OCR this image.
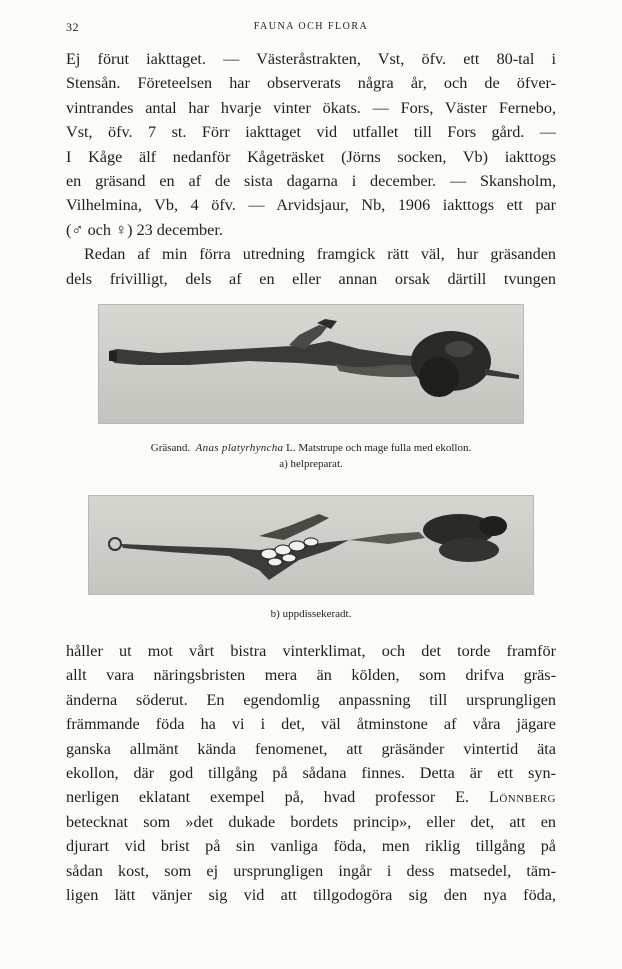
32	FAUNA OCH FLORA
Ej förut iakttaget. — Västeråstrakten, Vst, öfv. ett 80-tal i
Stensån. Företeelsen har observerats några år, och de öfver-
vintrandes antal har hvarje vinter ökats. — Fors, Väster Fernebo,
Vst, öfv. 7 st. Förr iakttaget vid utfallet till Fors gård. —
I Kåge älf nedanför Kågeträsket (Jörns socken, Vb) iakttogs
en gräsand en af de sista dagarna i december. — Skansholm,
Vilhelmina, Vb, 4 öfv. — Arvidsjaur, Nb, 1906 iakttogs ett par
(♂ och ♀) 23 december.
Redan af min förra utredning framgick rätt väl, hur gräsanden
dels frivilligt, dels af en eller annan orsak därtill tvungen
Gräsand. Anas platyrhyncha L. Matstrupe och mage fulla med ekollon.
a) helpreparat.
b) uppdissekeradt.
håller ut mot vårt bistra vinterklimat, och det torde framför
allt vara näringsbristen mera än kölden, som drifva gräs-
änderna söderut. En egendomlig anpassning till ursprungligen
främmande föda ha vi i det, väl åtminstone af våra jägare
ganska allmänt kända fenomenet, att gräsänder vintertid äta
ekollon, där god tillgång på sådana finnes. Detta är ett syn-
nerligen eklatant exempel på, hvad professor E. Lönnberg
betecknat som »det dukade bordets princip», eller det, att en
djurart vid brist på sin vanliga föda, men riklig tillgång på
sådan kost, som ej ursprungligen ingår i dess matsedel, täm-
ligen lätt vänjer sig vid att tillgodogöra sig den nya föda,
